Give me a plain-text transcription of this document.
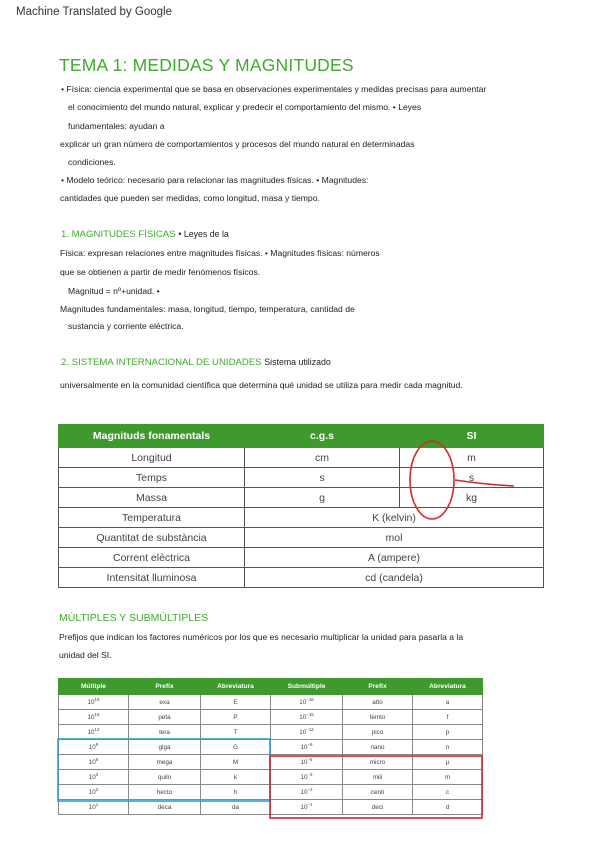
Machine Translated by Google
TEMA 1: MEDIDAS Y MAGNITUDES
• Física: ciencia experimental que se basa en observaciones experimentales y medidas precisas para aumentar
el conocimiento del mundo natural, explicar y predecir el comportamiento del mismo. • Leyes
fundamentales: ayudan a
explicar un gran número de comportamientos y procesos del mundo natural en determinadas
condiciones.
• Modelo teórico: necesario para relacionar las magnitudes físicas. • Magnitudes:
cantidades que pueden ser medidas, como longitud, masa y tiempo.
1. MAGNITUDES FÍSICAS • Leyes de la
Física: expresan relaciones entre magnitudes físicas. • Magnitudes físicas: números
que se obtienen a partir de medir fenómenos físicos.
Magnitud = nº+unidad. •
Magnitudes fundamentales: masa, longitud, tiempo, temperatura, cantidad de
sustancia y corriente eléctrica.
2. SISTEMA INTERNACIONAL DE UNIDADES Sistema utilizado
universalmente en la comunidad científica que determina qué unidad se utiliza para medir cada magnitud.
Magnituds fonamentals	c.g.s	SI
Longitud	cm	m
Temps	s	s
Massa	g	kg
Temperatura	K (kelvin)	
Quantitat de substància	mol	
Corrent elèctrica	A (ampere)	
Intensitat lluminosa	cd (candela)	
MÚLTIPLES Y SUBMÚLTIPLES
Prefijos que indican los factores numéricos por los que es necesario multiplicar la unidad para pasarla a la
unidad del SI.
Múltiple	Prefix	Abreviatura	Submúltiple	Prefix	Abreviatura
$10^{18}$	exa	E	$10^{-18}$	atto	a
$10^{15}$	peta	P	$10^{-15}$	femto	f
$10^{12}$	tera	T	$10^{-12}$	pico	p
$10^9$	giga	G	$10^{-9}$	nano	n
$10^6$	mega	M	$10^{-6}$	micro	µ
$10^3$	quilo	k	$10^{-3}$	mili	m
$10^2$	hecto	h	$10^{-2}$	centi	c
$10^1$	deca	da	$10^{-1}$	deci	d
